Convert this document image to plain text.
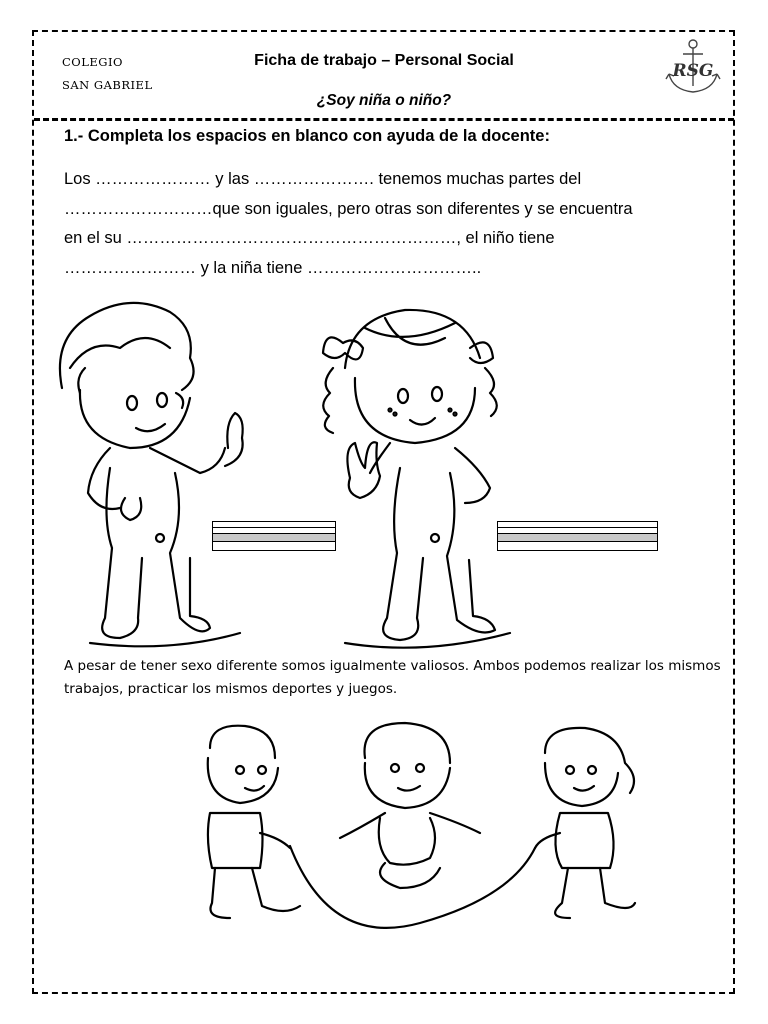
COLEGIO
SAN GABRIEL
Ficha de trabajo – Personal Social
¿Soy niña o niño?
RSG
1.- Completa los espacios en blanco con ayuda de la docente:
Los ………………… y las …………………. tenemos muchas partes del
………………………que son iguales, pero otras son diferentes y se encuentra
en el su ……………………………………………………, el niño tiene
…………………… y la niña tiene …………………………..
A pesar de tener sexo diferente somos igualmente valiosos. Ambos podemos realizar los mismos trabajos, practicar los mismos deportes y juegos.
